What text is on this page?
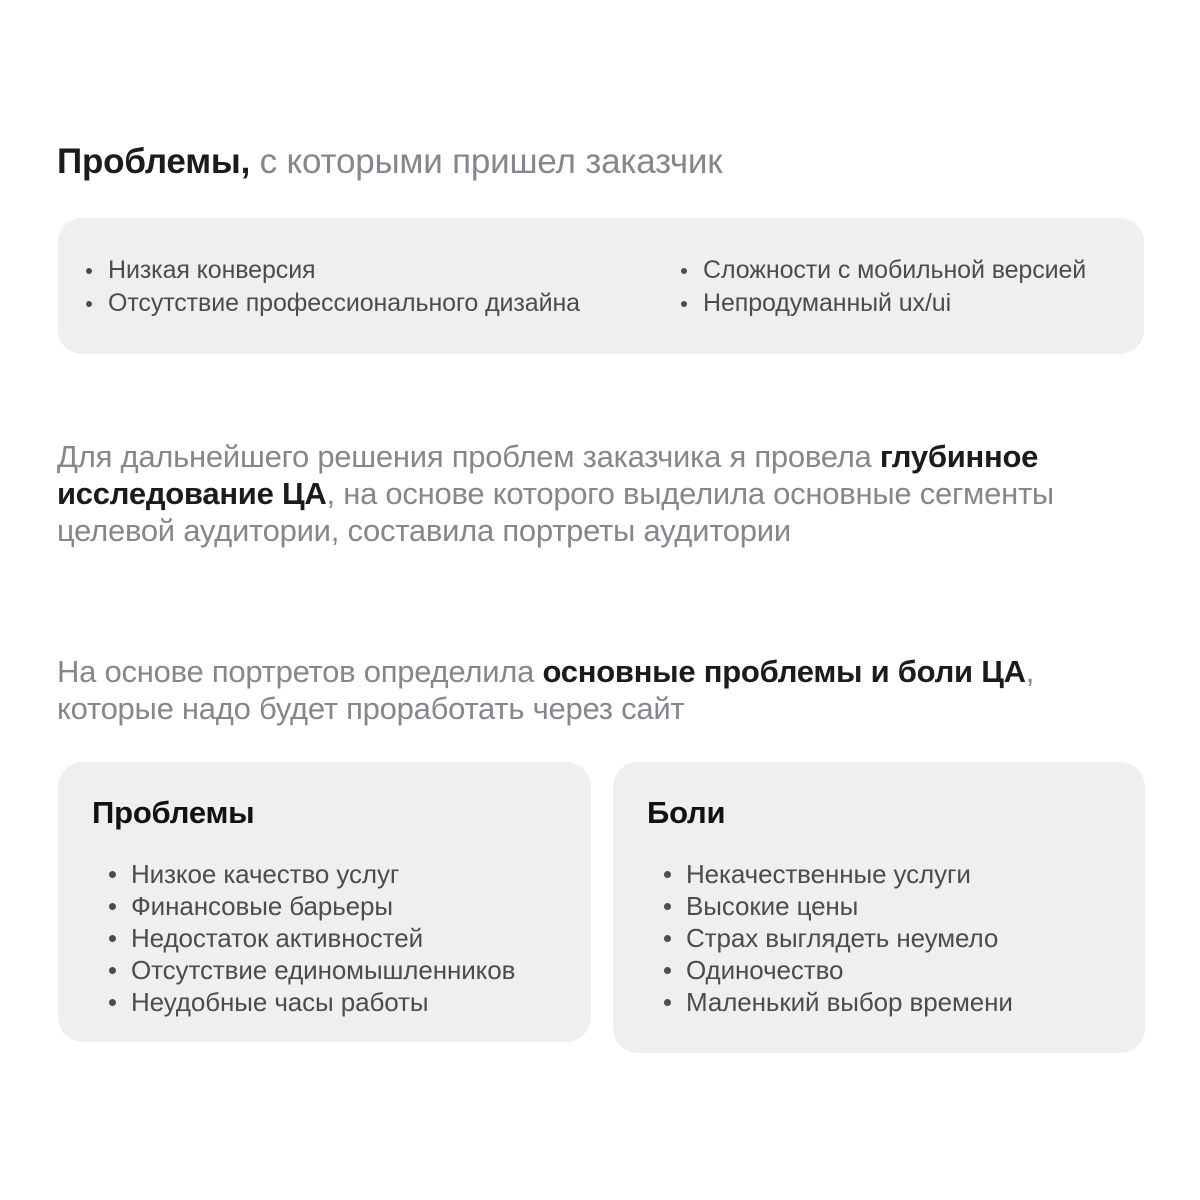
Проблемы, с которыми пришел заказчик
Низкая конверсия
Отсутствие профессионального дизайна
Сложности с мобильной версией
Непродуманный ux/ui
Для дальнейшего решения проблем заказчика я провела глубинное исследование ЦА, на основе которого выделила основные сегменты целевой аудитории, составила портреты аудитории
На основе портретов определила основные проблемы и боли ЦА, которые надо будет проработать через сайт
Проблемы
Низкое качество услуг
Финансовые барьеры
Недостаток активностей
Отсутствие единомышленников
Неудобные часы работы
Боли
Некачественные услуги
Высокие цены
Страх выглядеть неумело
Одиночество
Маленький выбор времени
